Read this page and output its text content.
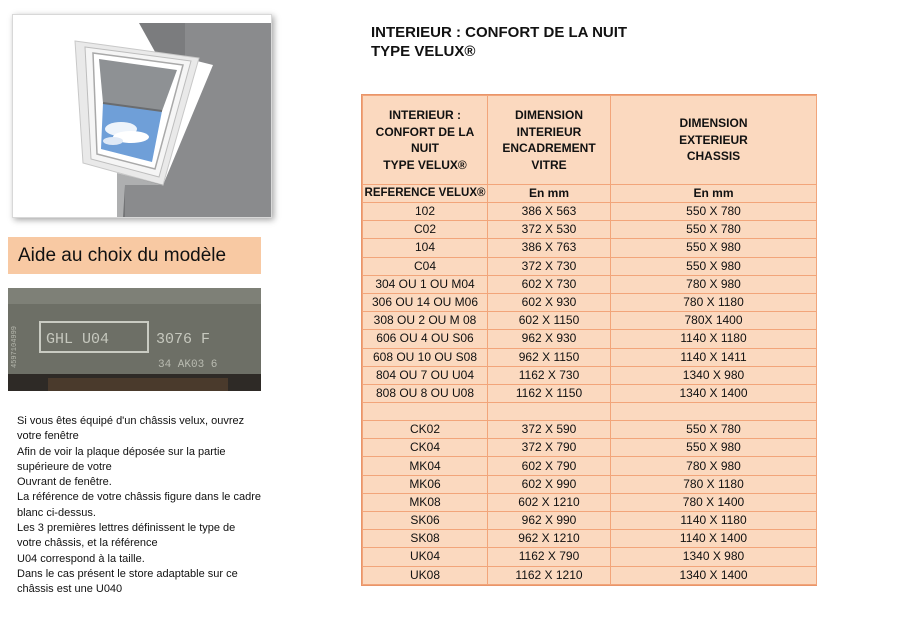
Aide au choix du modèle
4597104999 GHL U04	3076 F
34 AK03 6
Si vous êtes équipé d'un châssis velux, ouvrez votre fenêtre
Afin de voir la plaque déposée sur la partie supérieure de votre
Ouvrant de fenêtre.
La référence de votre châssis figure dans le cadre blanc ci-dessus.
Les 3 premières lettres définissent le type de votre châssis, et la référence
U04 correspond à la taille.
Dans le cas présent le store adaptable sur ce châssis est une U040
INTERIEUR : CONFORT DE LA NUIT
TYPE VELUX®
INTERIEUR :
CONFORT DE LA
NUIT
TYPE VELUX®	DIMENSION
INTERIEUR
ENCADREMENT
VITRE	DIMENSION
EXTERIEUR
CHASSIS

REFERENCE VELUX®	En mm	En mm
102	386 X 563	550 X 780
C02	372 X 530	550 X 780
104	386 X 763	550 X 980
C04	372 X 730	550 X 980
304 OU 1 OU M04	602 X 730	780 X 980
306 OU 14 OU M06	602 X 930	780 X 1180
308 OU 2 OU M 08	602 X 1150	780X 1400
606 OU 4 OU S06	962 X 930	1140 X 1180
608 OU 10 OU S08	962 X 1150	1140 X 1411
804 OU 7 OU U04	1162 X 730	1340 X 980
808 OU 8 OU U08	1162 X 1150	1340 X 1400

CK02	372 X 590	550 X 780
CK04	372 X 790	550 X 980
MK04	602 X 790	780 X 980
MK06	602 X 990	780 X 1180
MK08	602 X 1210	780 X 1400
SK06	962 X 990	1140 X 1180
SK08	962 X 1210	1140 X 1400
UK04	1162 X 790	1340 X 980
UK08	1162 X 1210	1340 X 1400
